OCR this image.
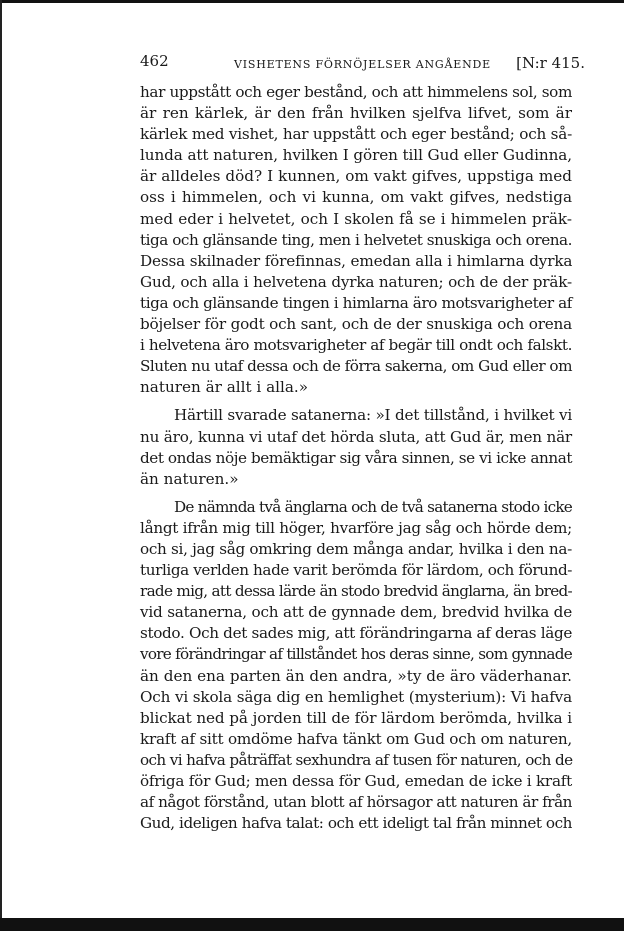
462	VISHETENS FÖRNÖJELSER ANGÅENDE [N:r 415.
har uppstått och eger bestånd, och att himmelens sol, som
är ren kärlek, är den från hvilken sjelfva lifvet, som är
kärlek med vishet, har uppstått och eger bestånd; och så-
lunda att naturen, hvilken I gören till Gud eller Gudinna,
är alldeles död? I kunnen, om vakt gifves, uppstiga med
oss i himmelen, och vi kunna, om vakt gifves, nedstiga
med eder i helvetet, och I skolen få se i himmelen präk-
tiga och glänsande ting, men i helvetet snuskiga och orena.
Dessa skilnader förefinnas, emedan alla i himlarna dyrka
Gud, och alla i helvetena dyrka naturen; och de der präk-
tiga och glänsande tingen i himlarna äro motsvarigheter af
böjelser för godt och sant, och de der snuskiga och orena
i helvetena äro motsvarigheter af begär till ondt och falskt.
Sluten nu utaf dessa och de förra sakerna, om Gud eller om
naturen är allt i alla.»
Härtill svarade satanerna: »I det tillstånd, i hvilket vi
nu äro, kunna vi utaf det hörda sluta, att Gud är, men när
det ondas nöje bemäktigar sig våra sinnen, se vi icke annat
än naturen.»
De nämnda två änglarna och de två satanerna stodo icke
långt ifrån mig till höger, hvarföre jag såg och hörde dem;
och si, jag såg omkring dem många andar, hvilka i den na-
turliga verlden hade varit berömda för lärdom, och förund-
rade mig, att dessa lärde än stodo bredvid änglarna, än bred-
vid satanerna, och att de gynnade dem, bredvid hvilka de
stodo. Och det sades mig, att förändringarna af deras läge
vore förändringar af tillståndet hos deras sinne, som gynnade
än den ena parten än den andra, »ty de äro väderhanar.
Och vi skola säga dig en hemlighet (mysterium): Vi hafva
blickat ned på jorden till de för lärdom berömda, hvilka i
kraft af sitt omdöme hafva tänkt om Gud och om naturen,
och vi hafva påträffat sexhundra af tusen för naturen, och de
öfriga för Gud; men dessa för Gud, emedan de icke i kraft
af något förstånd, utan blott af hörsagor att naturen är från
Gud, ideligen hafva talat: och ett ideligt tal från minnet och
